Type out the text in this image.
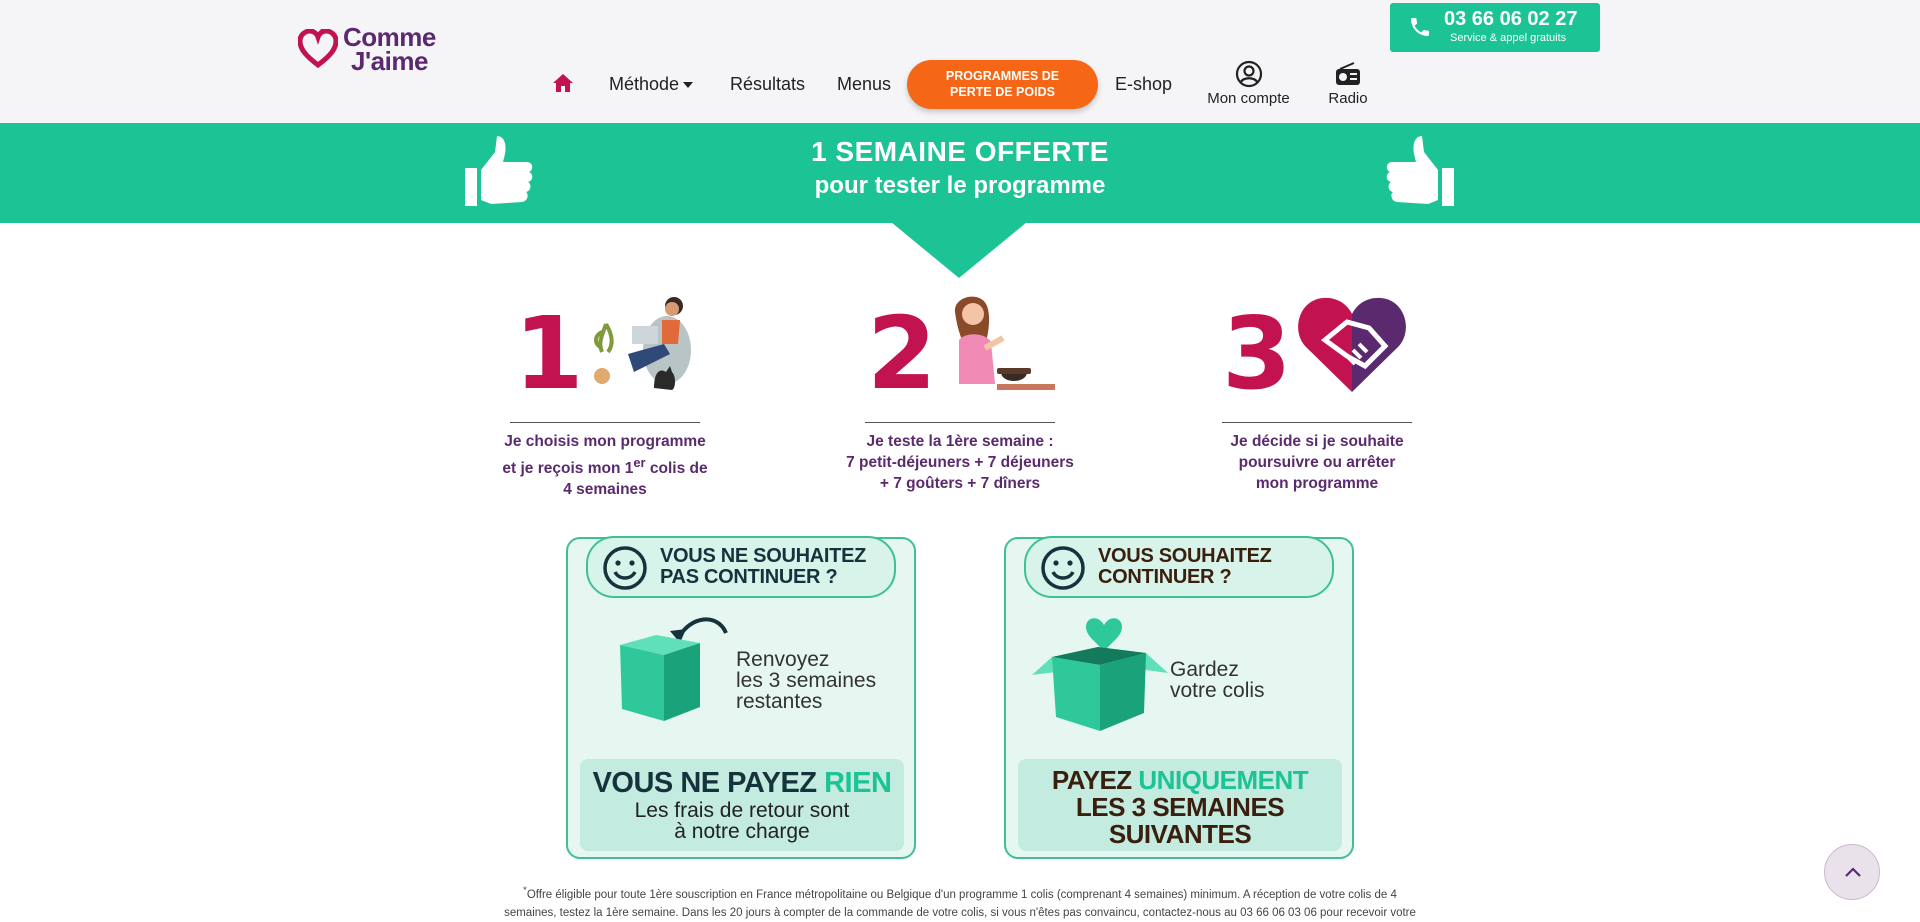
Comme
J'aime
03 66 06 02 27
Service & appel gratuits
Méthode	Résultats Menus	PROGRAMMES DE
PERTE DE POIDS	E-shop
Mon compte	Radio
1 SEMAINE OFFERTE
pour tester le programme
1
Je choisis mon programme
et je reçois mon 1er colis de
4 semaines
2
Je teste la 1ère semaine :
7 petit-déjeuners + 7 déjeuners
+ 7 goûters + 7 dîners
3
Je décide si je souhaite
poursuivre ou arrêter
mon programme
VOUS NE SOUHAITEZ
PAS CONTINUER ?
Renvoyez
les 3 semaines
restantes
VOUS NE PAYEZ RIEN
Les frais de retour sont
à notre charge
VOUS SOUHAITEZ
CONTINUER ?
Gardez
votre colis
PAYEZ UNIQUEMENT
LES 3 SEMAINES
SUIVANTES
*Offre éligible pour toute 1ère souscription en France métropolitaine ou Belgique d'un programme 1 colis (comprenant 4 semaines) minimum. A réception de votre colis de 4
semaines, testez la 1ère semaine. Dans les 20 jours à compter de la commande de votre colis, si vous n'êtes pas convaincu, contactez-nous au 03 66 06 03 06 pour recevoir votre
